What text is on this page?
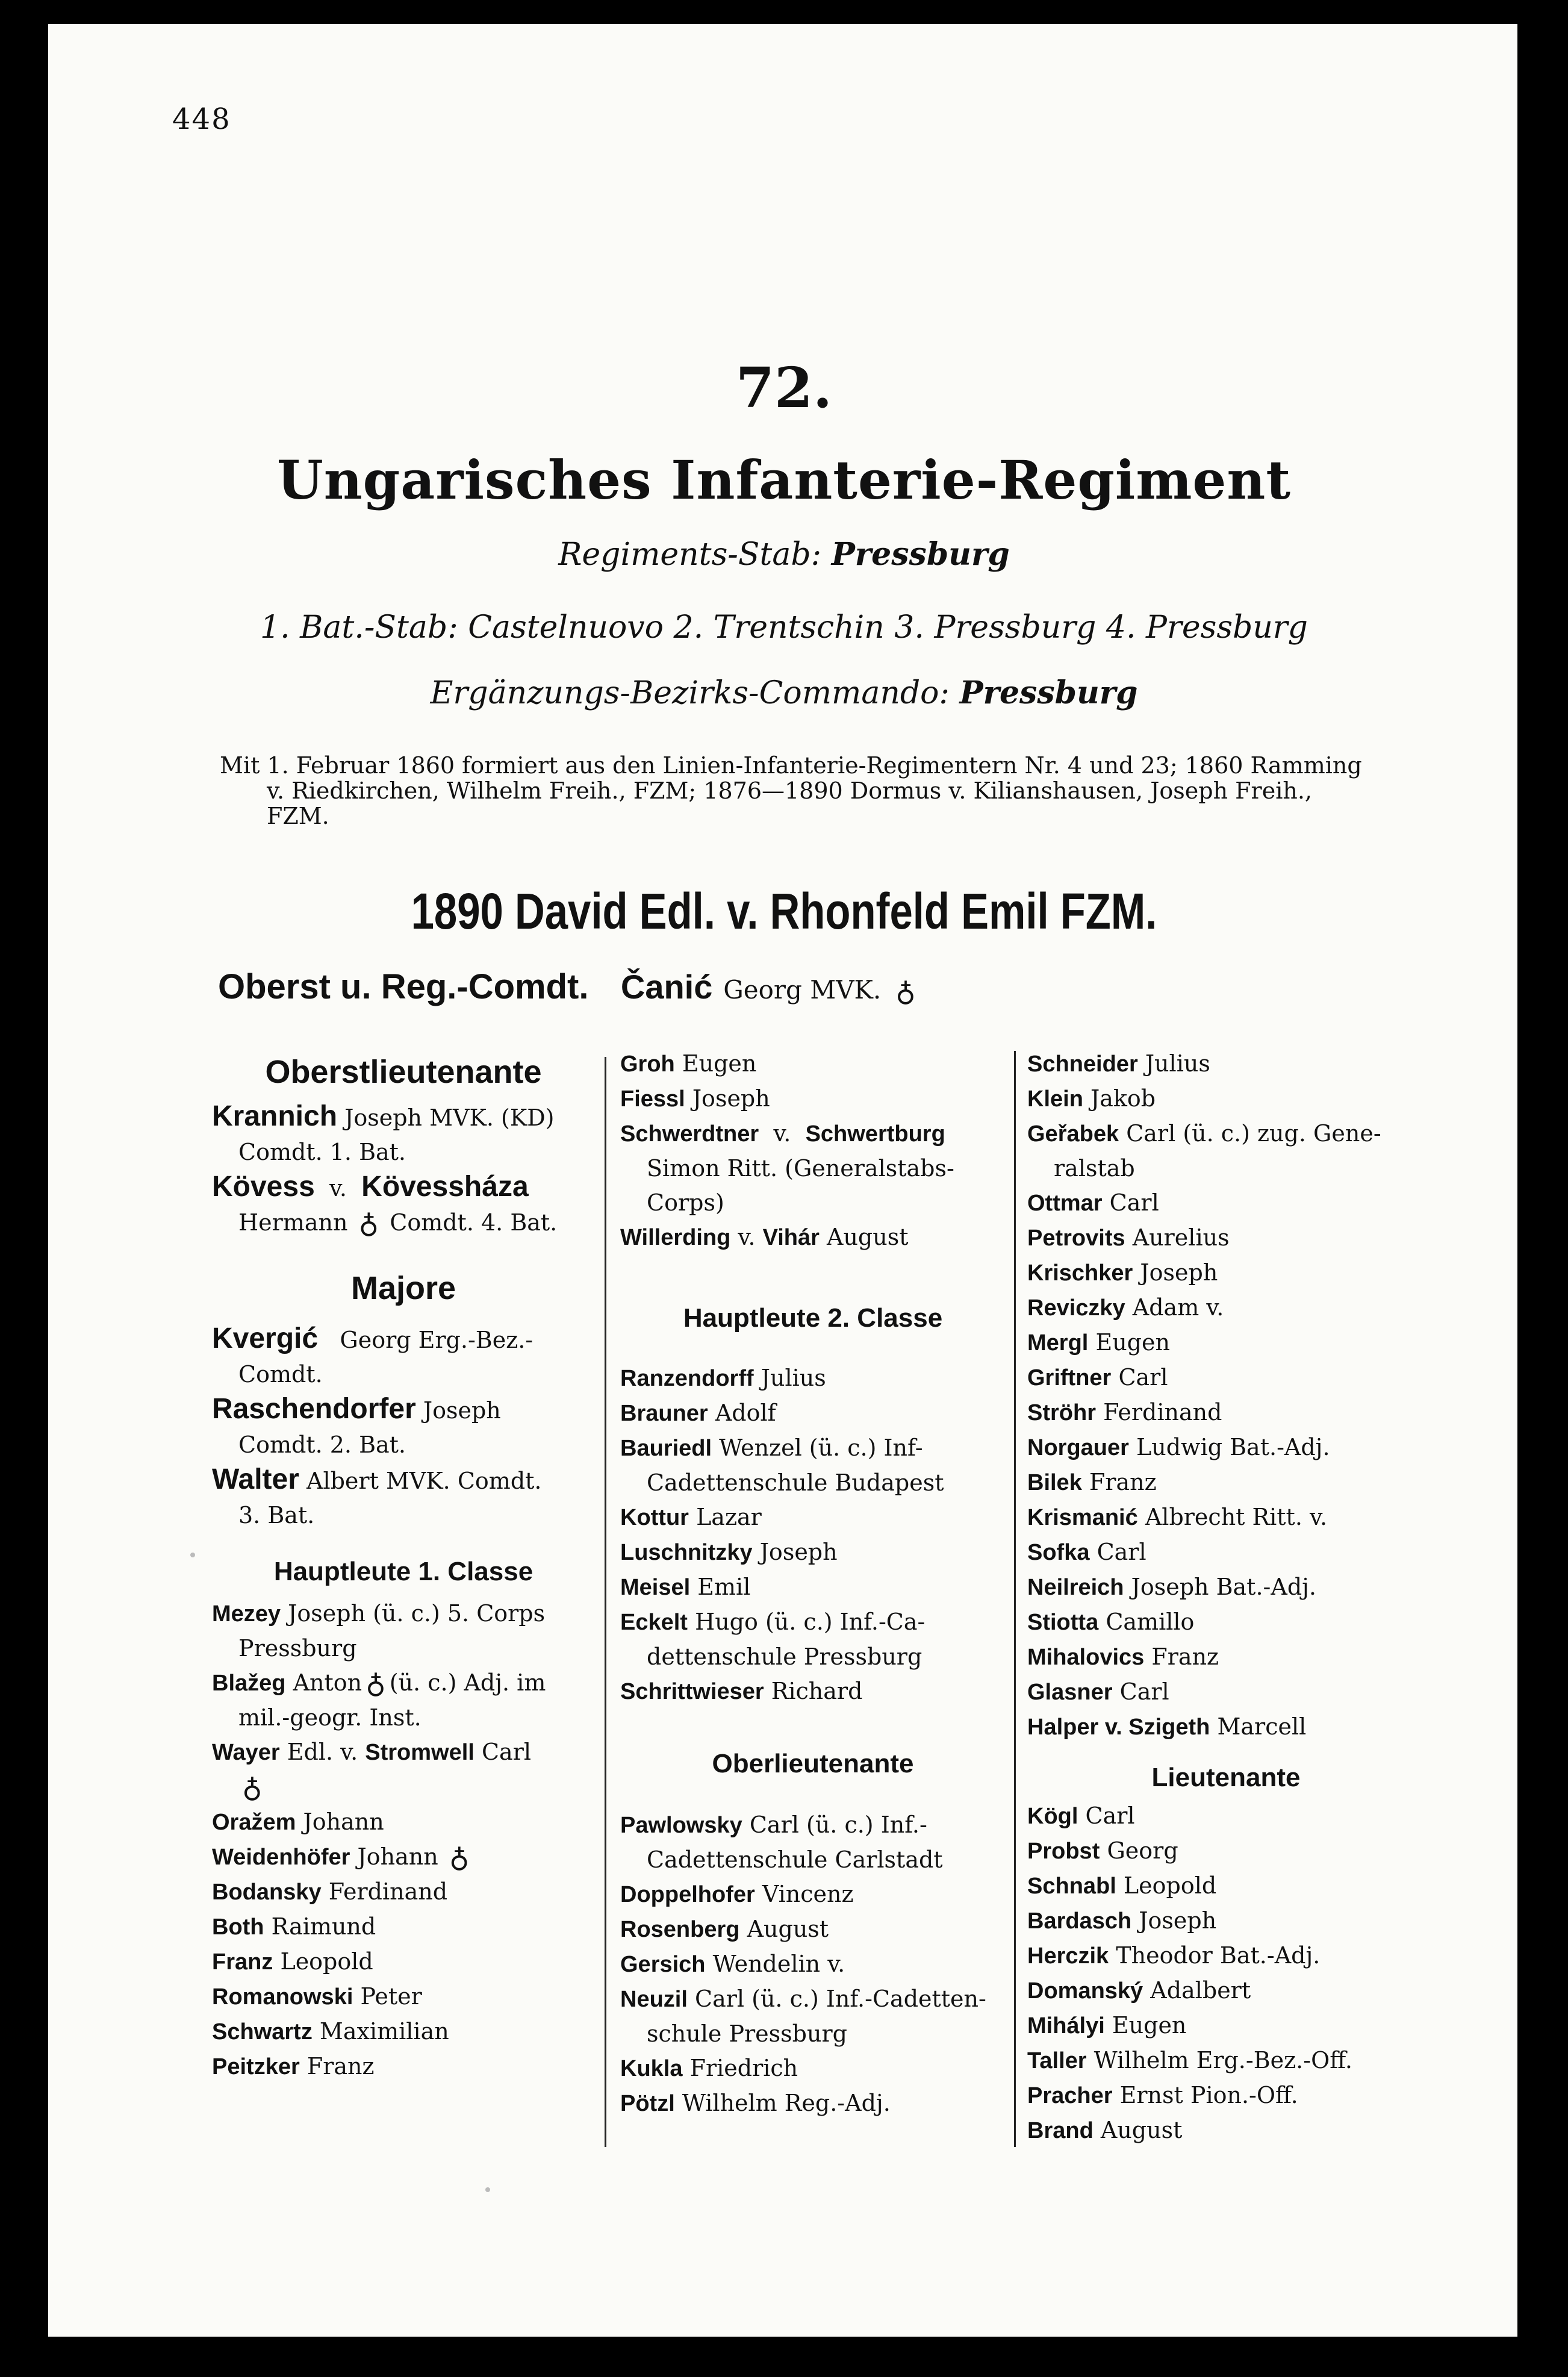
448
72.
Ungarisches Infanterie-Regiment
Regiments-Stab: Pressburg
1. Bat.-Stab: Castelnuovo 2. Trentschin 3. Pressburg 4. Pressburg
Ergänzungs-Bezirks-Commando: Pressburg
Mit 1. Februar 1860 formiert aus den Linien-Infanterie-Regimentern Nr. 4 und 23; 1860 Ramming
v. Riedkirchen, Wilhelm Freih., FZM; 1876—1890 Dormus v. Kilianshausen, Joseph Freih.,
FZM.
1890 David Edl. v. Rhonfeld Emil FZM.
Oberst u. Reg.-Comdt. Čanić Georg MVK. ♁
Oberstlieutenante
Krannich Joseph MVK. (KD)
Comdt. 1. Bat.
Kövess v. Kövessháza
Hermann ♁ Comdt. 4. Bat.
Majore
Kvergić Georg Erg.-Bez.-
Comdt.
Raschendorfer Joseph
Comdt. 2. Bat.
Walter Albert MVK. Comdt.
3. Bat.
Hauptleute 1. Classe
Mezey Joseph (ü. c.) 5. Corps
Pressburg
Blažeg Anton ♁ (ü. c.) Adj. im
mil.-geogr. Inst.
Wayer Edl. v. Stromwell Carl
♁
Oražem Johann
Weidenhöfer Johann ♁
Bodansky Ferdinand
Both Raimund
Franz Leopold
Romanowski Peter
Schwartz Maximilian
Peitzker Franz
Groh Eugen
Fiessl Joseph
Schwerdtner v. Schwertburg
Simon Ritt. (Generalstabs-
Corps)
Willerding v. Vihár August
Hauptleute 2. Classe
Ranzendorff Julius
Brauner Adolf
Bauriedl Wenzel (ü. c.) Inf-
Cadettenschule Budapest
Kottur Lazar
Luschnitzky Joseph
Meisel Emil
Eckelt Hugo (ü. c.) Inf.-Ca-
dettenschule Pressburg
Schrittwieser Richard
Oberlieutenante
Pawlowsky Carl (ü. c.) Inf.-
Cadettenschule Carlstadt
Doppelhofer Vincenz
Rosenberg August
Gersich Wendelin v.
Neuzil Carl (ü. c.) Inf.-Cadetten-
schule Pressburg
Kukla Friedrich
Pötzl Wilhelm Reg.-Adj.
Schneider Julius
Klein Jakob
Geřabek Carl (ü. c.) zug. Gene-
ralstab
Ottmar Carl
Petrovits Aurelius
Krischker Joseph
Reviczky Adam v.
Mergl Eugen
Griftner Carl
Ströhr Ferdinand
Norgauer Ludwig Bat.-Adj.
Bilek Franz
Krismanić Albrecht Ritt. v.
Sofka Carl
Neilreich Joseph Bat.-Adj.
Stiotta Camillo
Mihalovics Franz
Glasner Carl
Halper v. Szigeth Marcell
Lieutenante
Kögl Carl
Probst Georg
Schnabl Leopold
Bardasch Joseph
Herczik Theodor Bat.-Adj.
Domanský Adalbert
Mihályi Eugen
Taller Wilhelm Erg.-Bez.-Off.
Pracher Ernst Pion.-Off.
Brand August
